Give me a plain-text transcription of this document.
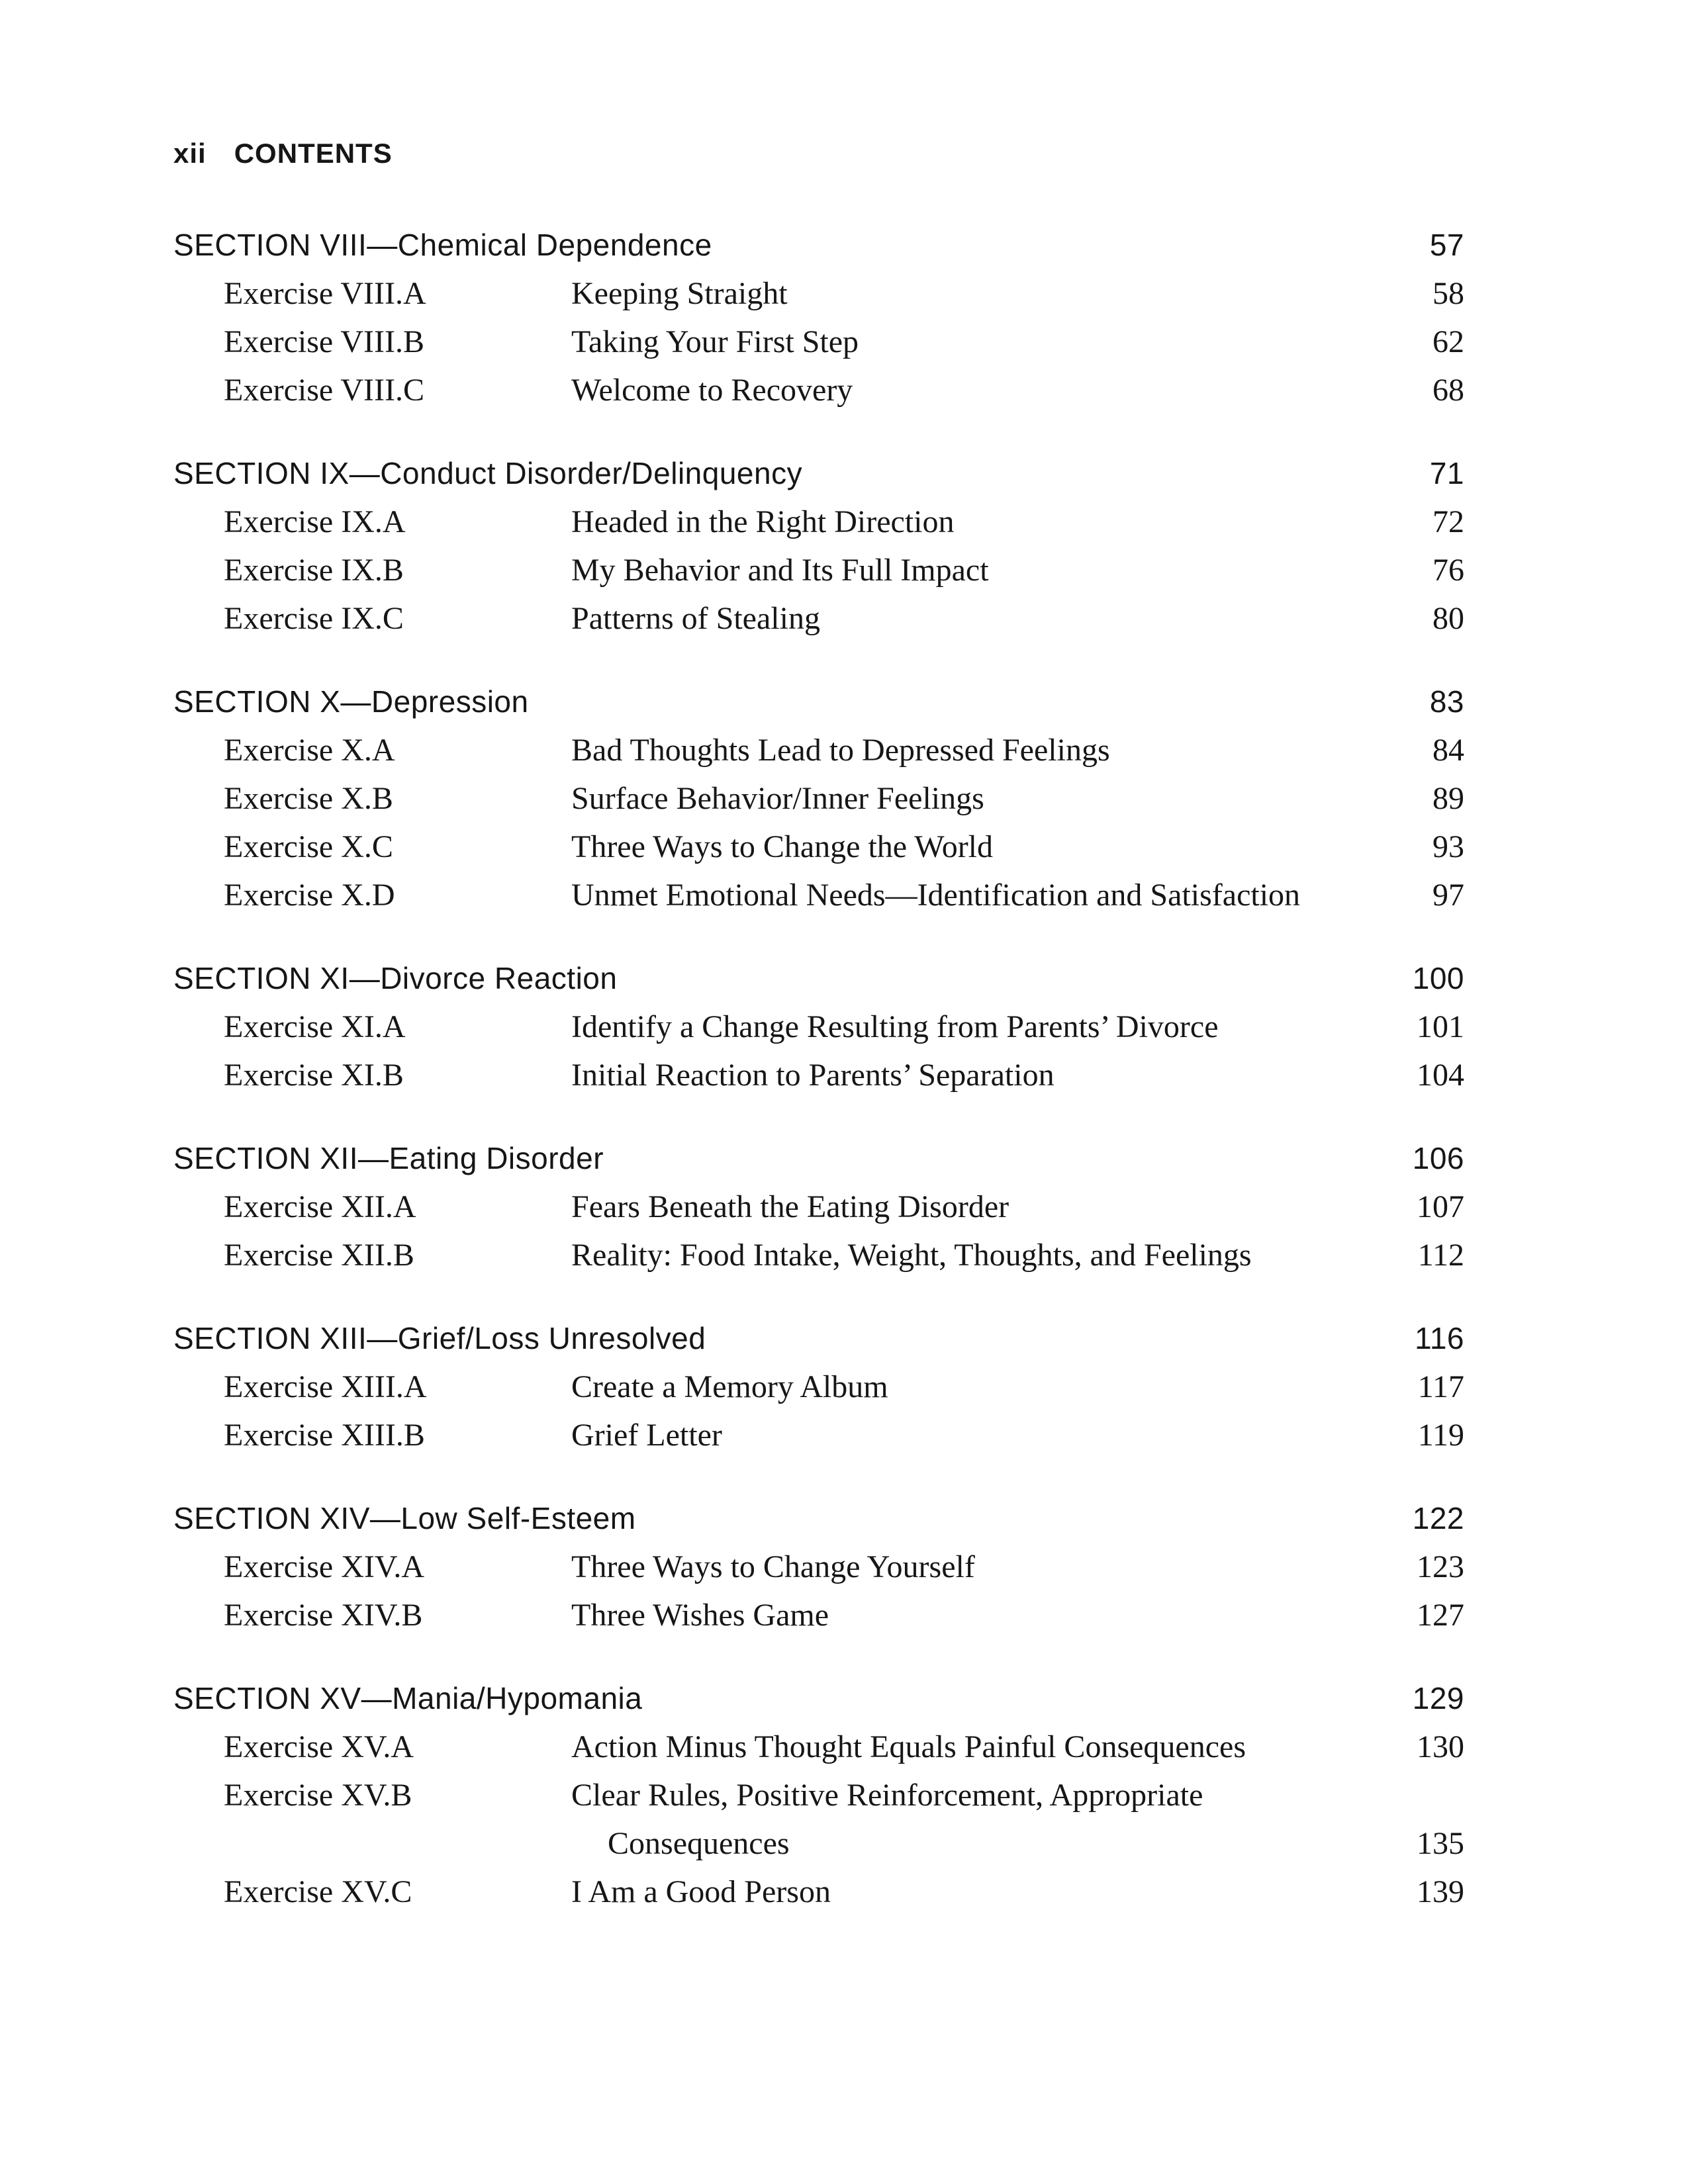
xii CONTENTS
SECTION VIII—Chemical Dependence	57
Exercise VIII.A	Keeping Straight	58
Exercise VIII.B	Taking Your First Step	62
Exercise VIII.C	Welcome to Recovery	68
SECTION IX—Conduct Disorder/Delinquency	71
Exercise IX.A	Headed in the Right Direction	72
Exercise IX.B	My Behavior and Its Full Impact	76
Exercise IX.C	Patterns of Stealing	80
SECTION X—Depression	83
Exercise X.A	Bad Thoughts Lead to Depressed Feelings	84
Exercise X.B	Surface Behavior/Inner Feelings	89
Exercise X.C	Three Ways to Change the World	93
Exercise X.D	Unmet Emotional Needs—Identification and Satisfaction	97
SECTION XI—Divorce Reaction	100
Exercise XI.A	Identify a Change Resulting from Parents’ Divorce	101
Exercise XI.B	Initial Reaction to Parents’ Separation	104
SECTION XII—Eating Disorder	106
Exercise XII.A	Fears Beneath the Eating Disorder	107
Exercise XII.B	Reality: Food Intake, Weight, Thoughts, and Feelings	112
SECTION XIII—Grief/Loss Unresolved	116
Exercise XIII.A	Create a Memory Album	117
Exercise XIII.B	Grief Letter	119
SECTION XIV—Low Self-Esteem	122
Exercise XIV.A	Three Ways to Change Yourself	123
Exercise XIV.B	Three Wishes Game	127
SECTION XV—Mania/Hypomania	129
Exercise XV.A	Action Minus Thought Equals Painful Consequences	130
Exercise XV.B	Clear Rules, Positive Reinforcement, Appropriate
Consequences	135
Exercise XV.C	I Am a Good Person	139
